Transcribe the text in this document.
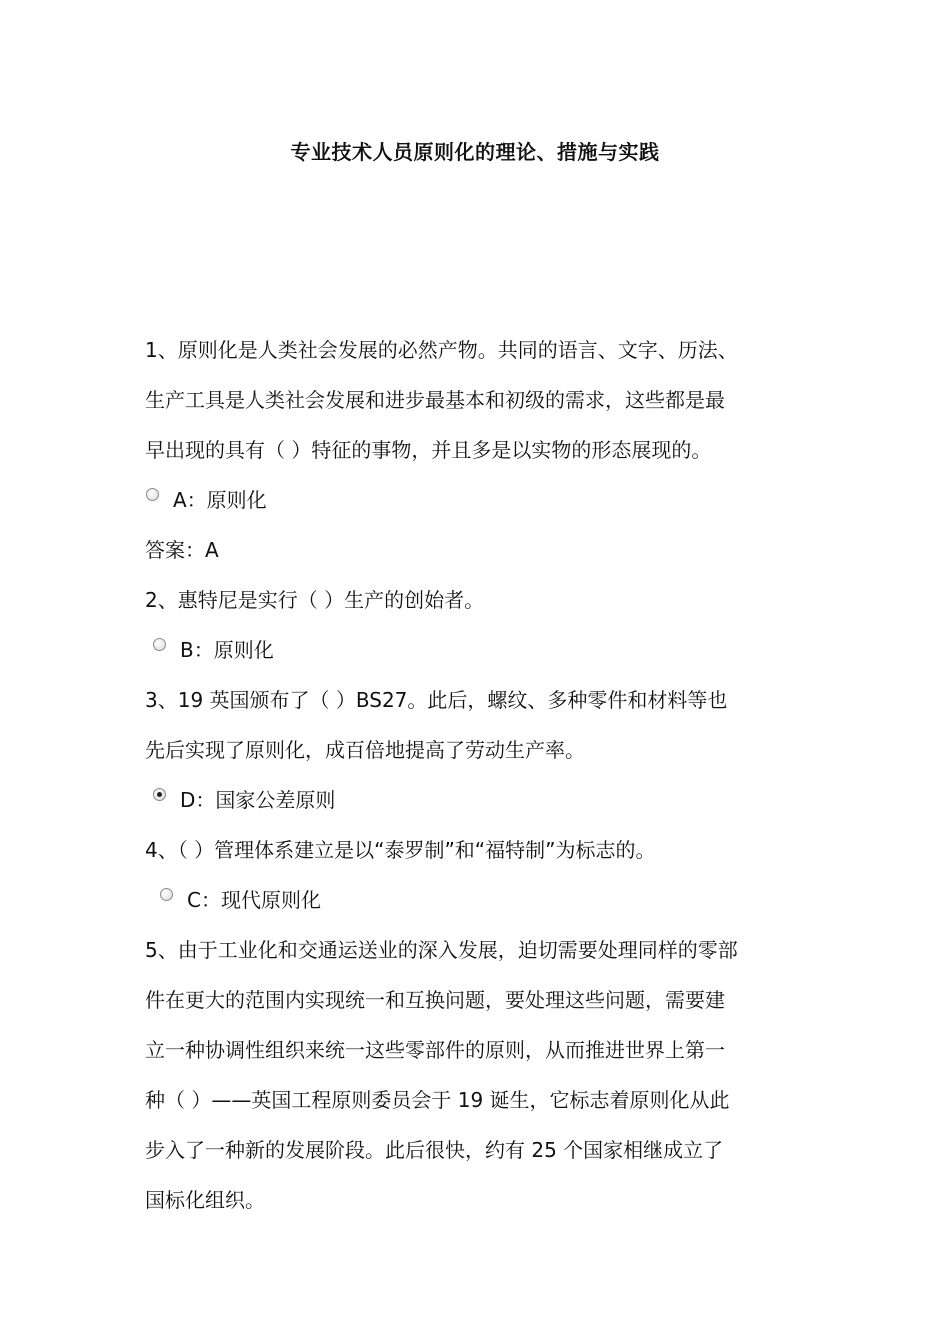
专业技术人员原则化的理论、措施与实践
1、原则化是人类社会发展的必然产物。共同的语言、文字、历法、
生产工具是人类社会发展和进步最基本和初级的需求，这些都是最
早出现的具有（ ）特征的事物，并且多是以实物的形态展现的。
A：原则化
答案：A
2、惠特尼是实行（ ）生产的创始者。
B：原则化
3、19 英国颁布了（ ）BS27。此后，螺纹、多种零件和材料等也
先后实现了原则化，成百倍地提高了劳动生产率。
D：国家公差原则
4、（ ）管理体系建立是以“泰罗制”和“福特制”为标志的。
C：现代原则化
5、由于工业化和交通运送业的深入发展，迫切需要处理同样的零部
件在更大的范围内实现统一和互换问题，要处理这些问题，需要建
立一种协调性组织来统一这些零部件的原则，从而推进世界上第一
种（ ）——英国工程原则委员会于 19 诞生，它标志着原则化从此
步入了一种新的发展阶段。此后很快，约有 25 个国家相继成立了
国标化组织。
